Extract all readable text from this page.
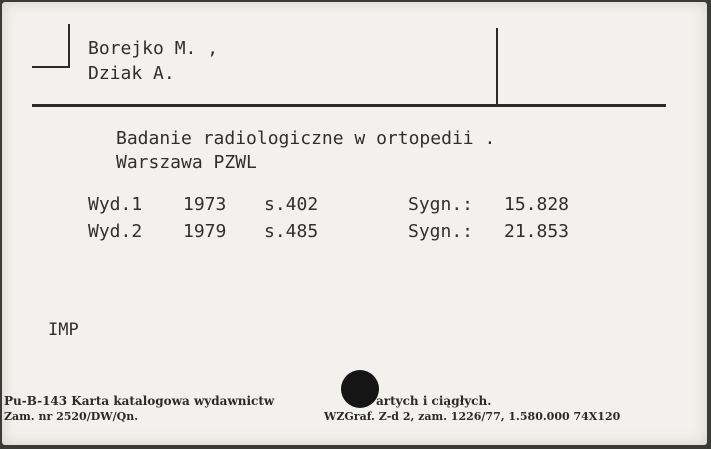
Borejko M. ,
Dziak A.
Badanie radiologiczne w ortopedii .
Warszawa PZWL
Wyd.1 1973 s.402	Sygn.: 15.828
Wyd.2 1979 s.485	Sygn.: 21.853
IMP
Pu-B-143 Karta katalogowa wydawnictw	artych i ciągłych.
Zam. nr 2520/DW/Qn.	WZGraf. Z-d 2, zam. 1226/77, 1.580.000 74X120
